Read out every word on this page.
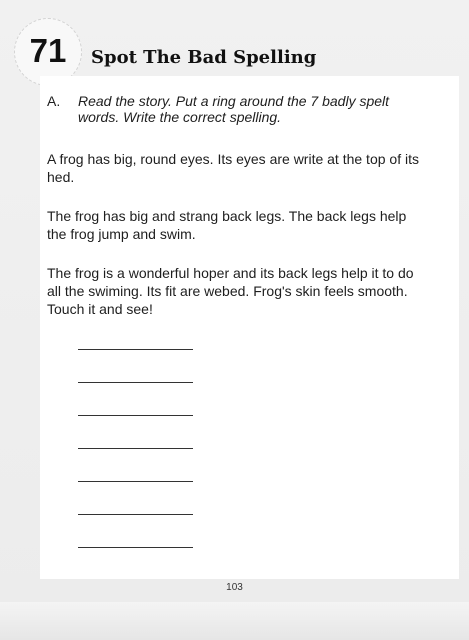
71	Spot The Bad Spelling
A. Read the story. Put a ring around the 7 badly spelt words. Write the correct spelling.

A frog has big, round eyes. Its eyes are write at the top of its hed.

The frog has big and strang back legs. The back legs help the frog jump and swim.

The frog is a wonderful hoper and its back legs help it to do all the swiming. Its fit are webed. Frog's skin feels smooth. Touch it and see!

103
